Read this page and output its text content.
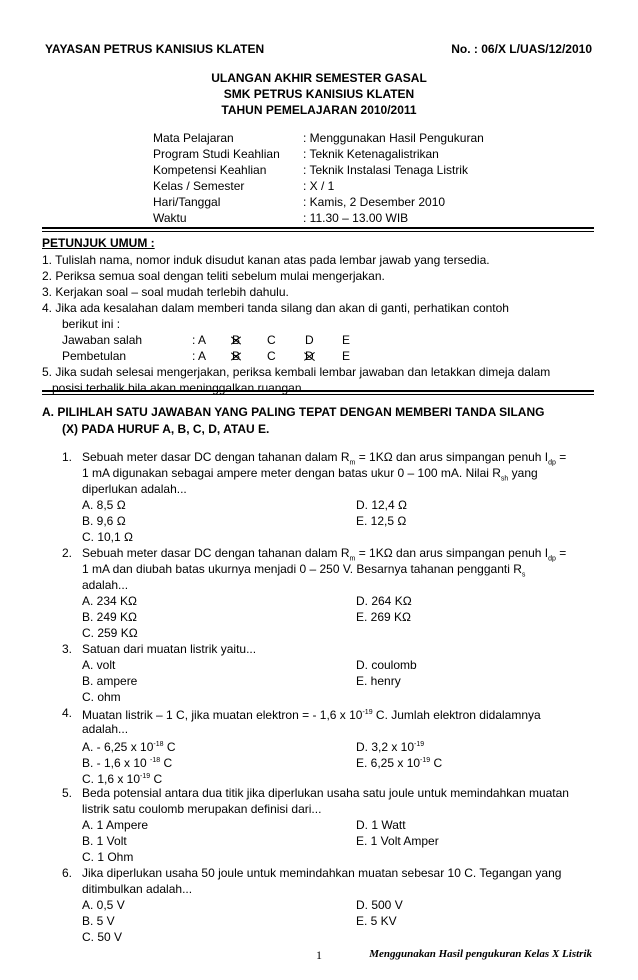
YAYASAN PETRUS KANISIUS KLATEN	No. : 06/X L/UAS/12/2010
ULANGAN AKHIR SEMESTER GASAL
SMK PETRUS KANISIUS KLATEN
TAHUN PEMELAJARAN 2010/2011
Mata Pelajaran	: Menggunakan Hasil Pengukuran
Program Studi Keahlian : Teknik Ketenagalistrikan
Kompetensi Keahlian	: Teknik Instalasi Tenaga Listrik
Kelas / Semester	: X / 1
Hari/Tanggal	: Kamis, 2 Desember 2010
Waktu	: 11.30 – 13.00 WIB
PETUNJUK UMUM :
1. Tulislah nama, nomor induk disudut kanan atas pada lembar jawab yang tersedia.
2. Periksa semua soal dengan teliti sebelum mulai mengerjakan.
3. Kerjakan soal – soal mudah terlebih dahulu.
4. Jika ada kesalahan dalam memberi tanda silang dan akan di ganti, perhatikan contoh
berikut ini :
Jawaban salah	: A B C D E
Pembetulan	: A B C D E
5. Jika sudah selesai mengerjakan, periksa kembali lembar jawaban dan letakkan dimeja dalam
posisi terbalik bila akan meninggalkan ruangan.
A. PILIHLAH SATU JAWABAN YANG PALING TEPAT DENGAN MEMBERI TANDA SILANG
(X) PADA HURUF A, B, C, D, ATAU E.
1. Sebuah meter dasar DC dengan tahanan dalam $R_m = 1K\Omega$ dan arus simpangan penuh $I_{dp}$ =
1 mA digunakan sebagai ampere meter dengan batas ukur 0 – 100 mA. Nilai $R_{sh}$ yang
diperlukan adalah...
A. 8,5 Ω	D. 12,4 Ω
B. 9,6 Ω	E. 12,5 Ω
C. 10,1 Ω
2. Sebuah meter dasar DC dengan tahanan dalam $R_m = 1K\Omega$ dan arus simpangan penuh $I_{dp}$ =
1 mA dan diubah batas ukurnya menjadi 0 – 250 V. Besarnya tahanan pengganti $R_s$
adalah...
A. 234 KΩ	D. 264 KΩ
B. 249 KΩ	E. 269 KΩ
C. 259 KΩ
3. Satuan dari muatan listrik yaitu...
A. volt	D. coulomb
B. ampere	E. henry
C. ohm
4. Muatan listrik – 1 C, jika muatan elektron = - 1,6 x $10^{-19}$ C. Jumlah elektron didalamnya
adalah...
A. - 6,25 x $10^{-18}$ C	D. 3,2 x $10^{-19}$
B. - 1,6 x 10 $^{-18}$ C	E. 6,25 x $10^{-19}$ C
C. 1,6 x $10^{-19}$ C
5. Beda potensial antara dua titik jika diperlukan usaha satu joule untuk memindahkan muatan
listrik satu coulomb merupakan definisi dari...
A. 1 Ampere	D. 1 Watt
B. 1 Volt	E. 1 Volt Amper
C. 1 Ohm
6. Jika diperlukan usaha 50 joule untuk memindahkan muatan sebesar 10 C. Tegangan yang
ditimbulkan adalah...
A. 0,5 V	D. 500 V
B. 5 V	E. 5 KV
C. 50 V
1	Menggunakan Hasil pengukuran Kelas X Listrik
